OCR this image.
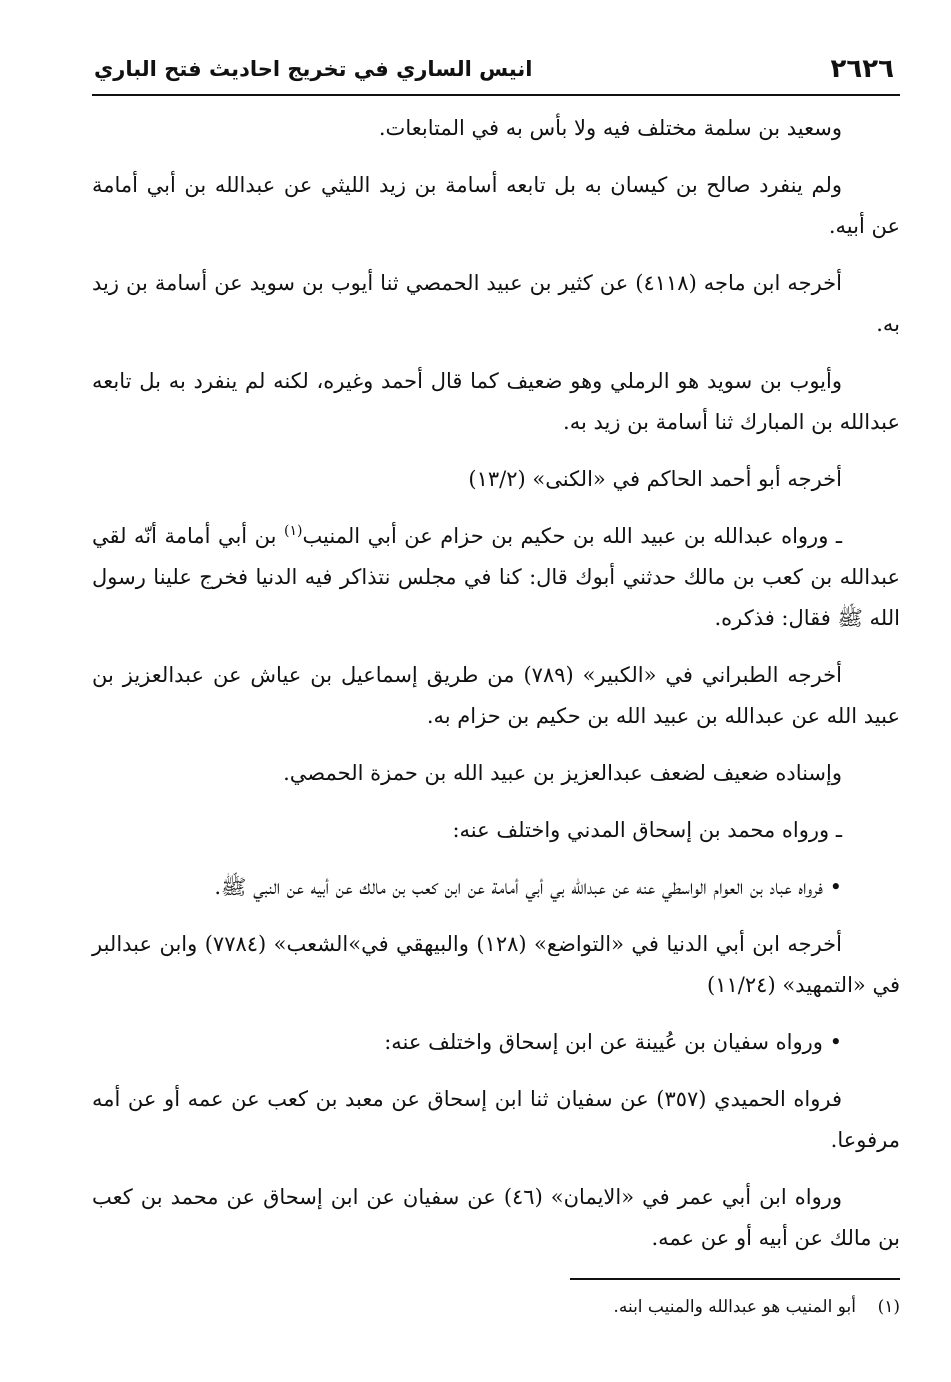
٢٦٢٦
انيس الساري في تخريج احاديث فتح الباري

وسعيد بن سلمة مختلف فيه ولا بأس به في المتابعات.

ولم ينفرد صالح بن كيسان به بل تابعه أسامة بن زيد الليثي عن عبدالله بن أبي أمامة عن أبيه.

أخرجه ابن ماجه (٤١١٨) عن كثير بن عبيد الحمصي ثنا أيوب بن سويد عن أسامة بن زيد به.

وأيوب بن سويد هو الرملي وهو ضعيف كما قال أحمد وغيره، لكنه لم ينفرد به بل تابعه عبدالله بن المبارك ثنا أسامة بن زيد به.

أخرجه أبو أحمد الحاكم في «الكنى» (١٣/٢)

ـ ورواه عبدالله بن عبيد الله بن حكيم بن حزام عن أبي المنيب$^{(١)}$ بن أبي أمامة أنّه لقي عبدالله بن كعب بن مالك حدثني أبوك قال: كنا في مجلس نتذاكر فيه الدنيا فخرج علينا رسول الله ﷺ فقال: فذكره.

أخرجه الطبراني في «الكبير» (٧٨٩) من طريق إسماعيل بن عياش عن عبدالعزيز بن عبيد الله عن عبدالله بن عبيد الله بن حكيم بن حزام به.

وإسناده ضعيف لضعف عبدالعزيز بن عبيد الله بن حمزة الحمصي.

ـ ورواه محمد بن إسحاق المدني واختلف عنه:

• فرواه عباد بن العوام الواسطي عنه عن عبدالله بي أبي أمامة عن ابن كعب بن مالك عن أبيه عن النبي ﷺ.

أخرجه ابن أبي الدنيا في «التواضع» (١٢٨) والبيهقي في»الشعب» (٧٧٨٤) وابن عبدالبر في «التمهيد» (١١/٢٤)

• ورواه سفيان بن عُيينة عن ابن إسحاق واختلف عنه:

فرواه الحميدي (٣٥٧) عن سفيان ثنا ابن إسحاق عن معبد بن كعب عن عمه أو عن أمه مرفوعا.

ورواه ابن أبي عمر في «الايمان» (٤٦) عن سفيان عن ابن إسحاق عن محمد بن كعب بن مالك عن أبيه أو عن عمه.

(١)    أبو المنيب هو عبدالله والمنيب ابنه.
